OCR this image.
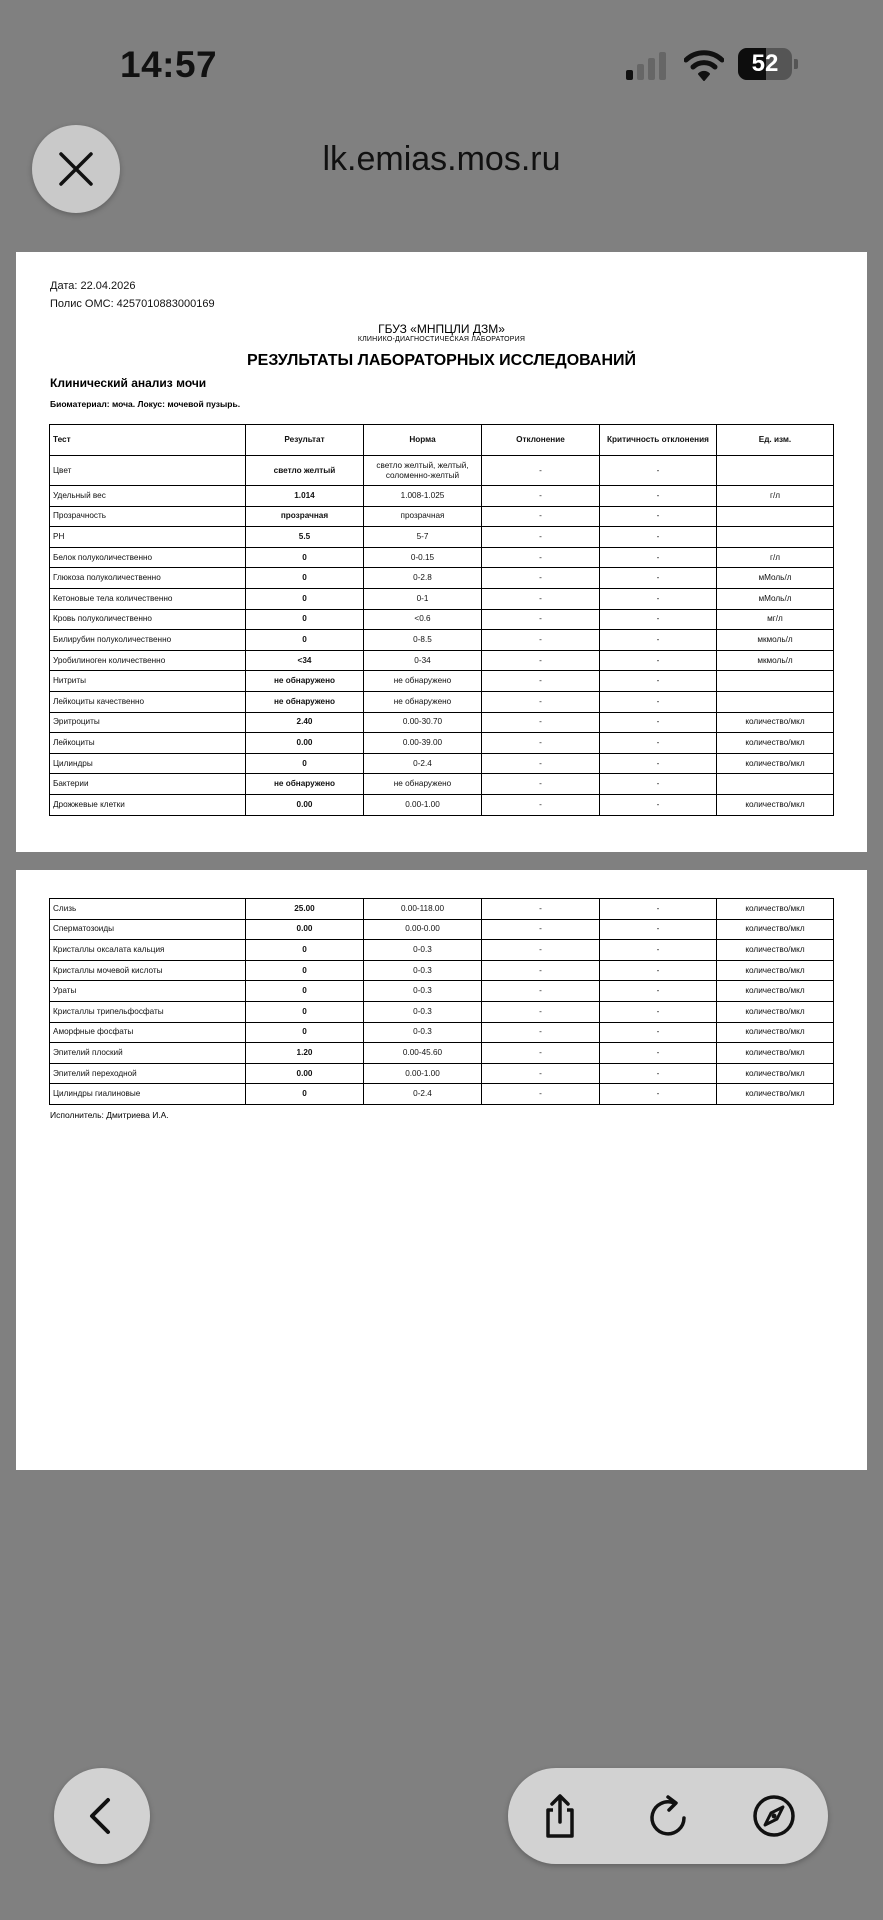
14:57	52
lk.emias.mos.ru
Дата: 22.04.2026
Полис ОМС: 4257010883000169
ГБУЗ «МНПЦЛИ ДЗМ»
КЛИНИКО-ДИАГНОСТИЧЕСКАЯ ЛАБОРАТОРИЯ
РЕЗУЛЬТАТЫ ЛАБОРАТОРНЫХ ИССЛЕДОВАНИЙ
Клинический анализ мочи
Биоматериал: моча. Локус: мочевой пузырь.
Тест	Результат	Норма	Отклонение	Критичность отклонения	Ед. изм.
Цвет	светло желтый	светло желтый, желтый, соломенно-желтый	-	-	
Удельный вес	1.014	1.008-1.025	-	-	г/л
Прозрачность	прозрачная	прозрачная	-	-	
PH	5.5	5-7	-	-	
Белок полуколичественно	0	0-0.15	-	-	г/л
Глюкоза полуколичественно	0	0-2.8	-	-	мМоль/л
Кетоновые тела количественно	0	0-1	-	-	мМоль/л
Кровь полуколичественно	0	<0.6	-	-	мг/л
Билирубин полуколичественно	0	0-8.5	-	-	мкмоль/л
Уробилиноген количественно	<34	0-34	-	-	мкмоль/л
Нитриты	не обнаружено	не обнаружено	-	-	
Лейкоциты качественно	не обнаружено	не обнаружено	-	-	
Эритроциты	2.40	0.00-30.70	-	-	количество/мкл
Лейкоциты	0.00	0.00-39.00	-	-	количество/мкл
Цилиндры	0	0-2.4	-	-	количество/мкл
Бактерии	не обнаружено	не обнаружено	-	-	
Дрожжевые клетки	0.00	0.00-1.00	-	-	количество/мкл
Слизь	25.00	0.00-118.00	-	-	количество/мкл
Сперматозоиды	0.00	0.00-0.00	-	-	количество/мкл
Кристаллы оксалата кальция	0	0-0.3	-	-	количество/мкл
Кристаллы мочевой кислоты	0	0-0.3	-	-	количество/мкл
Ураты	0	0-0.3	-	-	количество/мкл
Кристаллы трипельфосфаты	0	0-0.3	-	-	количество/мкл
Аморфные фосфаты	0	0-0.3	-	-	количество/мкл
Эпителий плоский	1.20	0.00-45.60	-	-	количество/мкл
Эпителий переходной	0.00	0.00-1.00	-	-	количество/мкл
Цилиндры гиалиновые	0	0-2.4	-	-	количество/мкл
Исполнитель: Дмитриева И.А.
